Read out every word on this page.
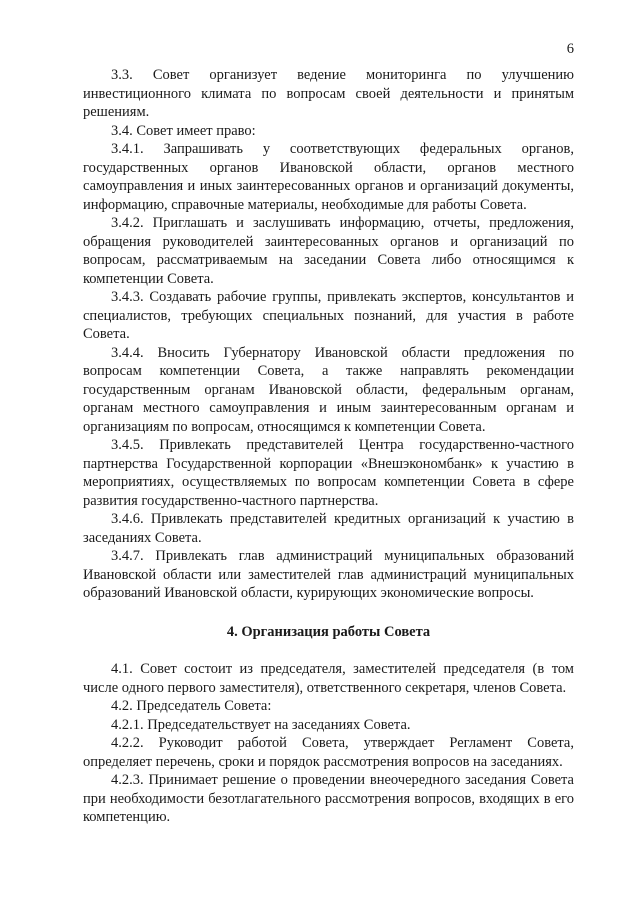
6

3.3. Совет организует ведение мониторинга по улучшению инвестиционного климата по вопросам своей деятельности и принятым решениям.

3.4. Совет имеет право:

3.4.1. Запрашивать у соответствующих федеральных органов, государственных органов Ивановской области, органов местного самоуправления и иных заинтересованных органов и организаций документы, информацию, справочные материалы, необходимые для работы Совета.

3.4.2. Приглашать и заслушивать информацию, отчеты, предложения, обращения руководителей заинтересованных органов и организаций по вопросам, рассматриваемым на заседании Совета либо относящимся к компетенции Совета.

3.4.3. Создавать рабочие группы, привлекать экспертов, консультантов и специалистов, требующих специальных познаний, для участия в работе Совета.

3.4.4. Вносить Губернатору Ивановской области предложения по вопросам компетенции Совета, а также направлять рекомендации государственным органам Ивановской области, федеральным органам, органам местного самоуправления и иным заинтересованным органам и организациям по вопросам, относящимся к компетенции Совета.

3.4.5. Привлекать представителей Центра государственно-частного партнерства Государственной корпорации «Внешэкономбанк» к участию в мероприятиях, осуществляемых по вопросам компетенции Совета в сфере развития государственно-частного партнерства.

3.4.6. Привлекать представителей кредитных организаций к участию в заседаниях Совета.

3.4.7. Привлекать глав администраций муниципальных образований Ивановской области или заместителей глав администраций муниципальных образований Ивановской области, курирующих экономические вопросы.

4. Организация работы Совета

4.1. Совет состоит из председателя, заместителей председателя (в том числе одного первого заместителя), ответственного секретаря, членов Совета.

4.2. Председатель Совета:

4.2.1. Председательствует на заседаниях Совета.

4.2.2. Руководит работой Совета, утверждает Регламент Совета, определяет перечень, сроки и порядок рассмотрения вопросов на заседаниях.

4.2.3. Принимает решение о проведении внеочередного заседания Совета при необходимости безотлагательного рассмотрения вопросов, входящих в его компетенцию.
